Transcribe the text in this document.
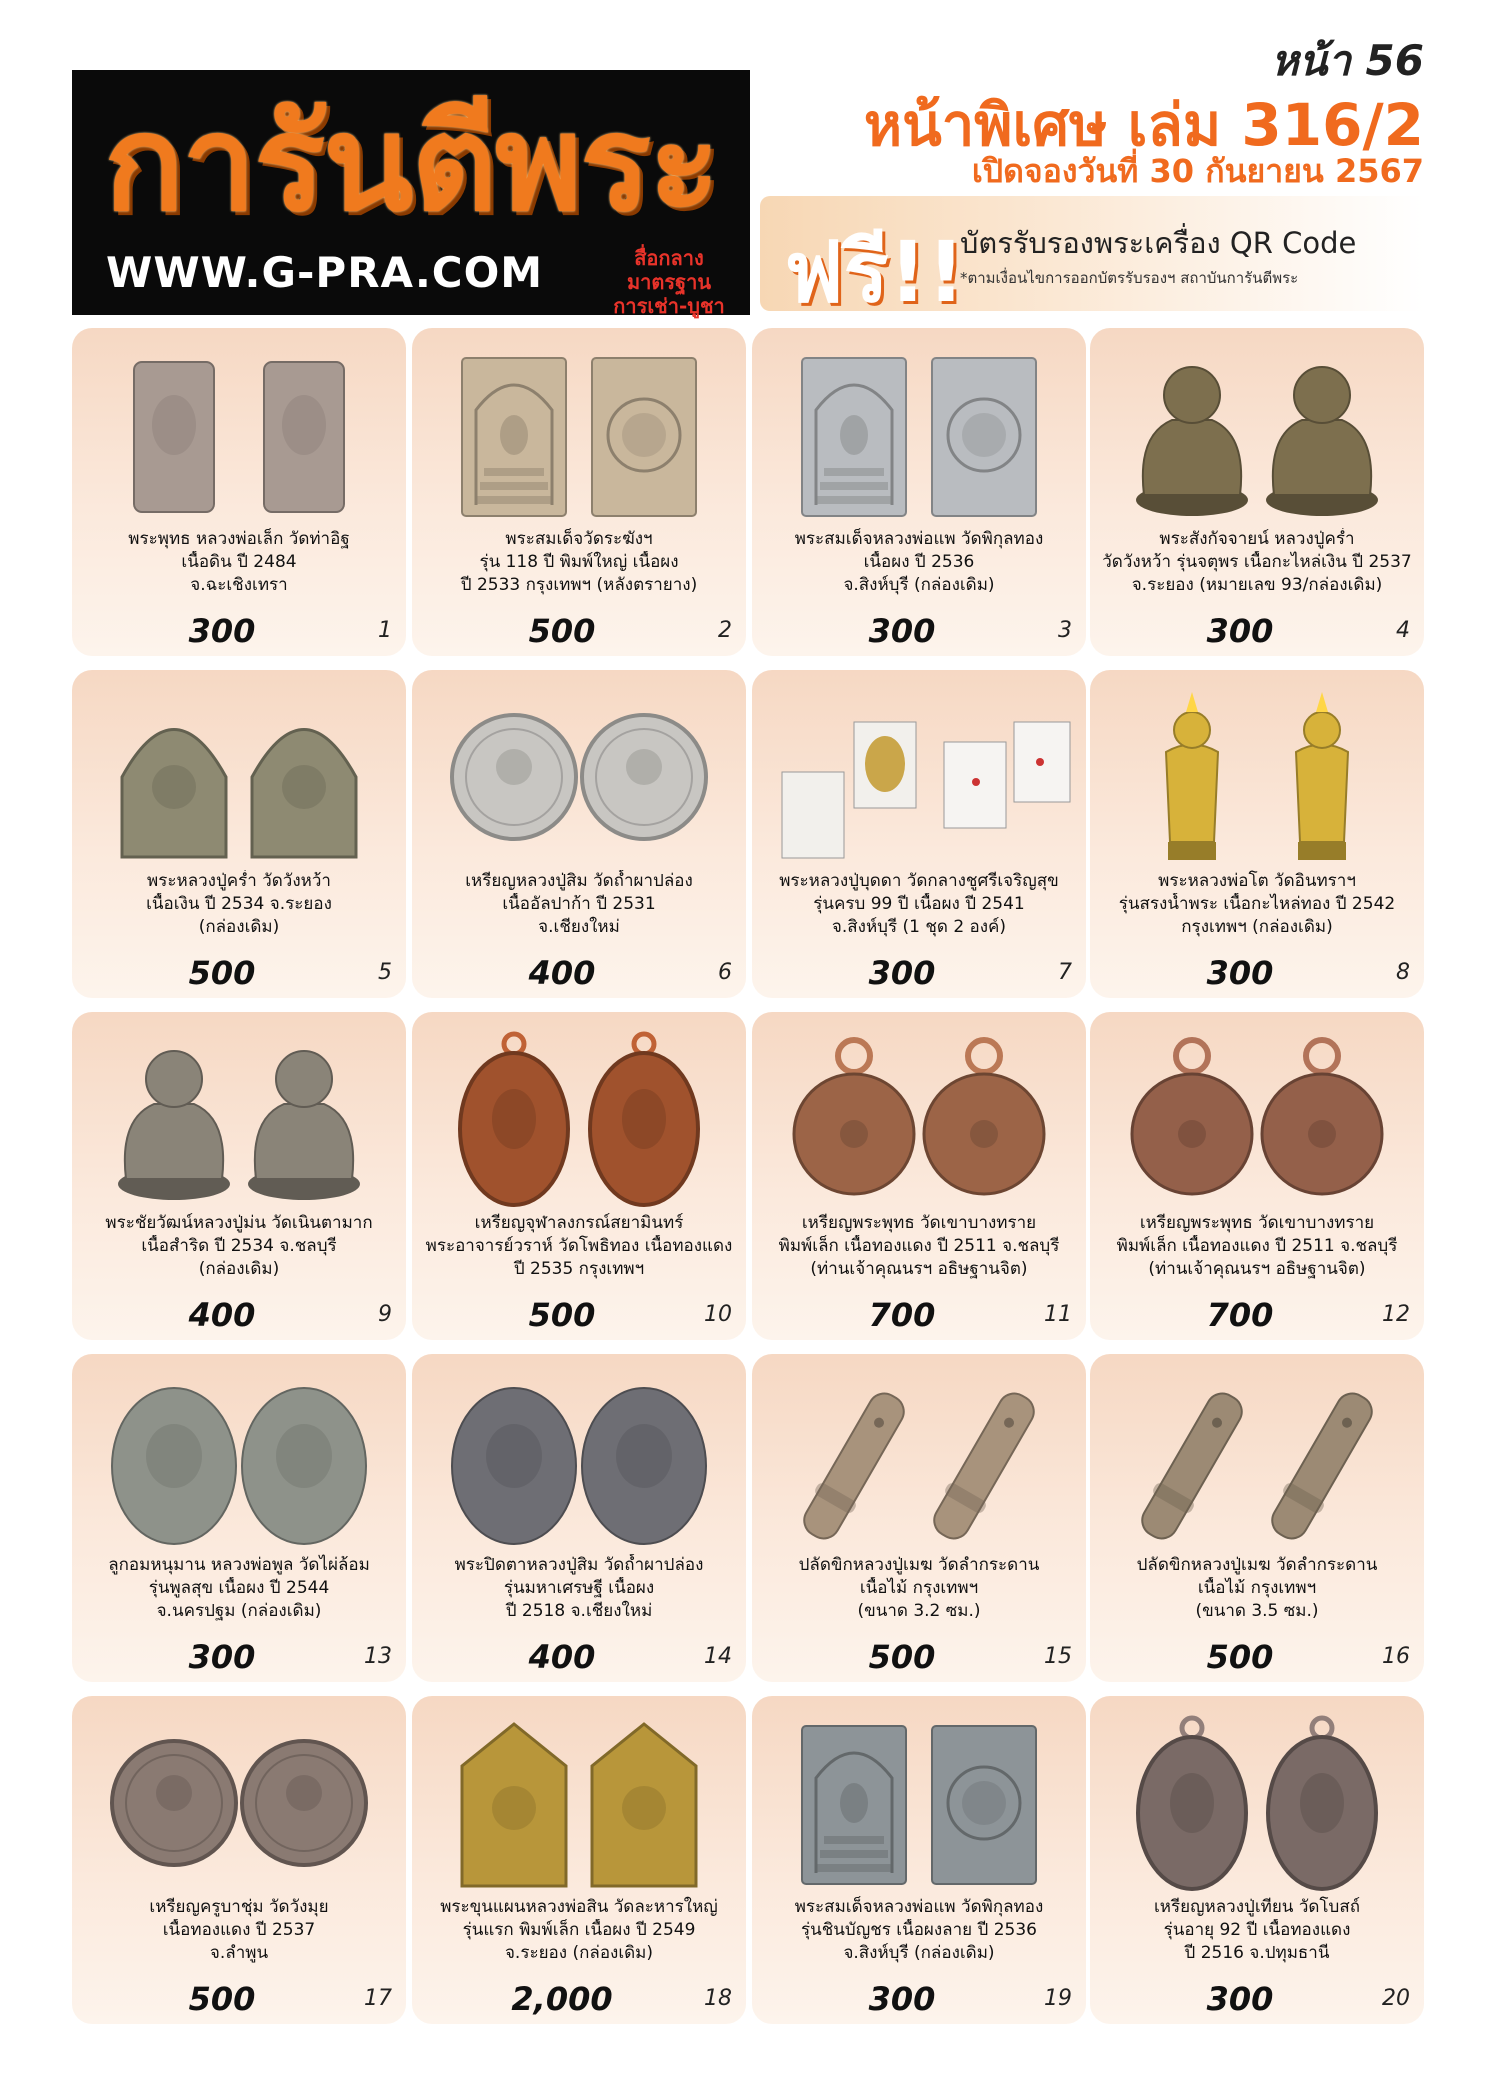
การันตีพระ
WWW.G-PRA.COM	สื่อกลาง มาตรฐาน
การเช่า-บูชา
หน้า 56
หน้าพิเศษ เล่ม 316/2
เปิดจองวันที่ 30 กันยายน 2567
ฟรี!!
บัตรรับรองพระเครื่อง QR Code
*ตามเงื่อนไขการออกบัตรรับรองฯ สถาบันการันตีพระ
พระพุทธ หลวงพ่อเล็ก วัดท่าอิฐ
เนื้อดิน ปี 2484
จ.ฉะเชิงเทรา
300	1
พระสมเด็จวัดระฆังฯ
รุ่น 118 ปี พิมพ์ใหญ่ เนื้อผง
ปี 2533 กรุงเทพฯ (หลังตรายาง)
500	2
พระสมเด็จหลวงพ่อแพ วัดพิกุลทอง
เนื้อผง ปี 2536
จ.สิงห์บุรี (กล่องเดิม)
300	3
พระสังกัจจายน์ หลวงปู่คร่ำ
วัดวังหว้า รุ่นจตุพร เนื้อกะไหล่เงิน ปี 2537
จ.ระยอง (หมายเลข 93/กล่องเดิม)
300	4
พระหลวงปู่คร่ำ วัดวังหว้า
เนื้อเงิน ปี 2534 จ.ระยอง
(กล่องเดิม)
500	5
เหรียญหลวงปู่สิม วัดถ้ำผาปล่อง
เนื้ออัลปาก้า ปี 2531
จ.เชียงใหม่
400	6
พระหลวงปู่บุดดา วัดกลางชูศรีเจริญสุข
รุ่นครบ 99 ปี เนื้อผง ปี 2541
จ.สิงห์บุรี (1 ชุด 2 องค์)
300	7
พระหลวงพ่อโต วัดอินทราฯ
รุ่นสรงน้ำพระ เนื้อกะไหล่ทอง ปี 2542
กรุงเทพฯ (กล่องเดิม)
300	8
พระชัยวัฒน์หลวงปู่ม่น วัดเนินตามาก
เนื้อสำริด ปี 2534 จ.ชลบุรี
(กล่องเดิม)
400	9
เหรียญจุฬาลงกรณ์สยามินทร์
พระอาจารย์วราห์ วัดโพธิทอง เนื้อทองแดง
ปี 2535 กรุงเทพฯ
500	10
เหรียญพระพุทธ วัดเขาบางทราย
พิมพ์เล็ก เนื้อทองแดง ปี 2511 จ.ชลบุรี
(ท่านเจ้าคุณนรฯ อธิษฐานจิต)
700	11
เหรียญพระพุทธ วัดเขาบางทราย
พิมพ์เล็ก เนื้อทองแดง ปี 2511 จ.ชลบุรี
(ท่านเจ้าคุณนรฯ อธิษฐานจิต)
700	12
ลูกอมหนุมาน หลวงพ่อพูล วัดไผ่ล้อม
รุ่นพูลสุข เนื้อผง ปี 2544
จ.นครปฐม (กล่องเดิม)
300	13
พระปิดตาหลวงปู่สิม วัดถ้ำผาปล่อง
รุ่นมหาเศรษฐี เนื้อผง
ปี 2518 จ.เชียงใหม่
400	14
ปลัดขิกหลวงปู่เมฆ วัดลำกระดาน
เนื้อไม้ กรุงเทพฯ
(ขนาด 3.2 ซม.)
500	15
ปลัดขิกหลวงปู่เมฆ วัดลำกระดาน
เนื้อไม้ กรุงเทพฯ
(ขนาด 3.5 ซม.)
500	16
เหรียญครูบาชุ่ม วัดวังมุย
เนื้อทองแดง ปี 2537
จ.ลำพูน
500	17
พระขุนแผนหลวงพ่อสิน วัดละหารใหญ่
รุ่นแรก พิมพ์เล็ก เนื้อผง ปี 2549
จ.ระยอง (กล่องเดิม)
2,000	18
พระสมเด็จหลวงพ่อแพ วัดพิกุลทอง
รุ่นชินบัญชร เนื้อผงลาย ปี 2536
จ.สิงห์บุรี (กล่องเดิม)
300	19
เหรียญหลวงปู่เทียน วัดโบสถ์
รุ่นอายุ 92 ปี เนื้อทองแดง
ปี 2516 จ.ปทุมธานี
300	20
